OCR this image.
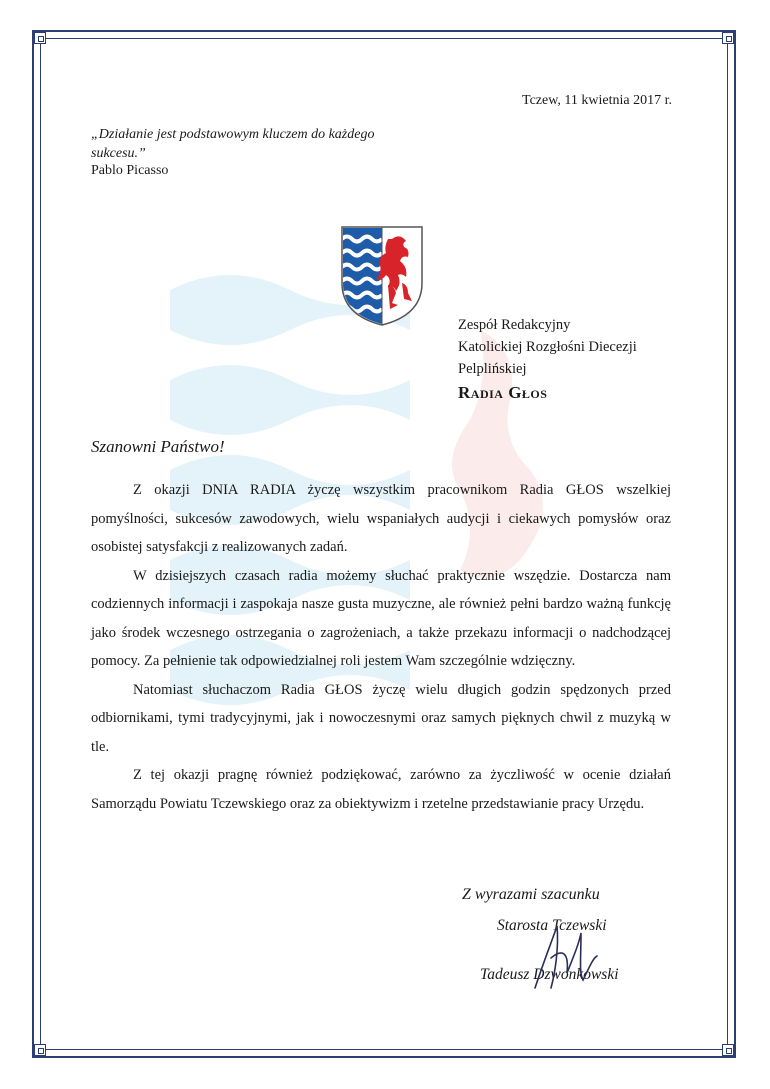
Tczew, 11 kwietnia 2017 r.
„Działanie jest podstawowym kluczem do każdego sukcesu.”
Pablo Picasso
Zespół Redakcyjny
Katolickiej Rozgłośni Diecezji
Pelplińskiej
Radia Głos
Szanowni Państwo!

Z okazji DNIA RADIA życzę wszystkim pracownikom Radia GŁOS wszelkiej pomyślności, sukcesów zawodowych, wielu wspaniałych audycji i ciekawych pomysłów oraz osobistej satysfakcji z realizowanych zadań.

W dzisiejszych czasach radia możemy słuchać praktycznie wszędzie. Dostarcza nam codziennych informacji i zaspokaja nasze gusta muzyczne, ale również pełni bardzo ważną funkcję jako środek wczesnego ostrzegania o zagrożeniach, a także przekazu informacji o nadchodzącej pomocy. Za pełnienie tak odpowiedzialnej roli jestem Wam szczególnie wdzięczny.

Natomiast słuchaczom Radia GŁOS życzę wielu długich godzin spędzonych przed odbiornikami, tymi tradycyjnymi, jak i nowoczesnymi oraz samych pięknych chwil z muzyką w tle.

Z tej okazji pragnę również podziękować, zarówno za życzliwość w ocenie działań Samorządu Powiatu Tczewskiego oraz za obiektywizm i rzetelne przedstawianie pracy Urzędu.

Z wyrazami szacunku
Starosta Tczewski
Tadeusz Dzwonkowski
